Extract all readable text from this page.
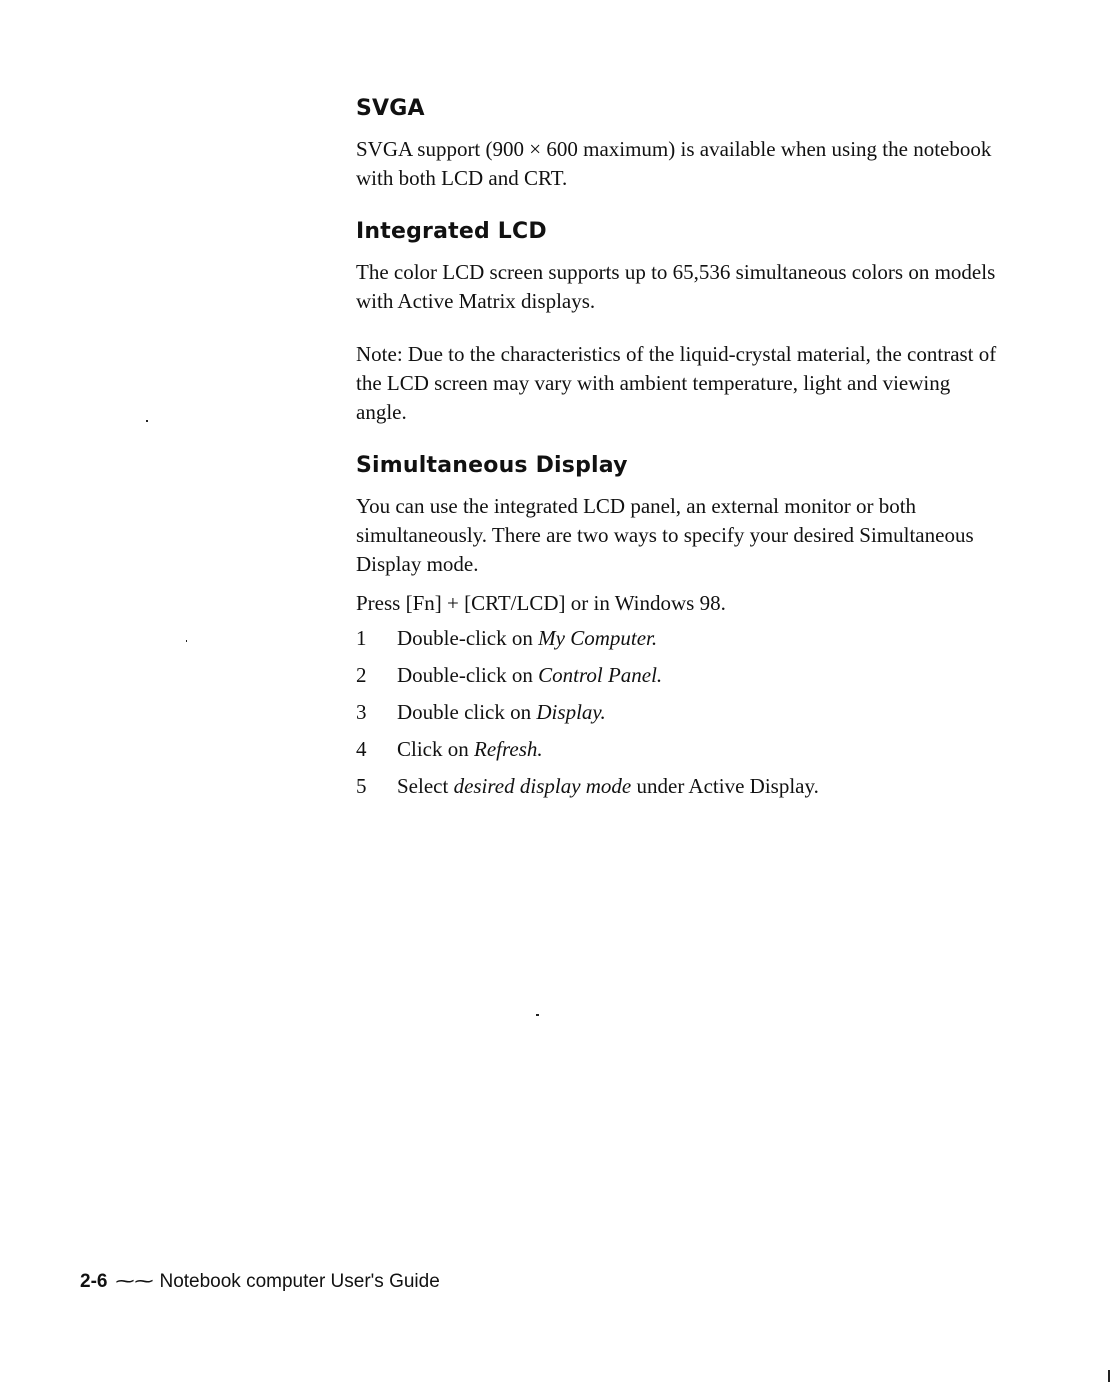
SVGA

SVGA support (900 × 600 maximum) is available when using the notebook with both LCD and CRT.

Integrated LCD

The color LCD screen supports up to 65,536 simultaneous colors on models with Active Matrix displays.

Note: Due to the characteristics of the liquid-crystal material, the contrast of the LCD screen may vary with ambient temperature, light and viewing angle.

Simultaneous Display

You can use the integrated LCD panel, an external monitor or both simultaneously. There are two ways to specify your desired Simultaneous Display mode.

Press [Fn] + [CRT/LCD] or in Windows 98.

1	Double-click on My Computer.
2	Double-click on Control Panel.
3	Double click on Display.
4	Click on Refresh.
5	Select desired display mode under Active Display.
2-6 ⁓⁓ Notebook computer User's Guide
